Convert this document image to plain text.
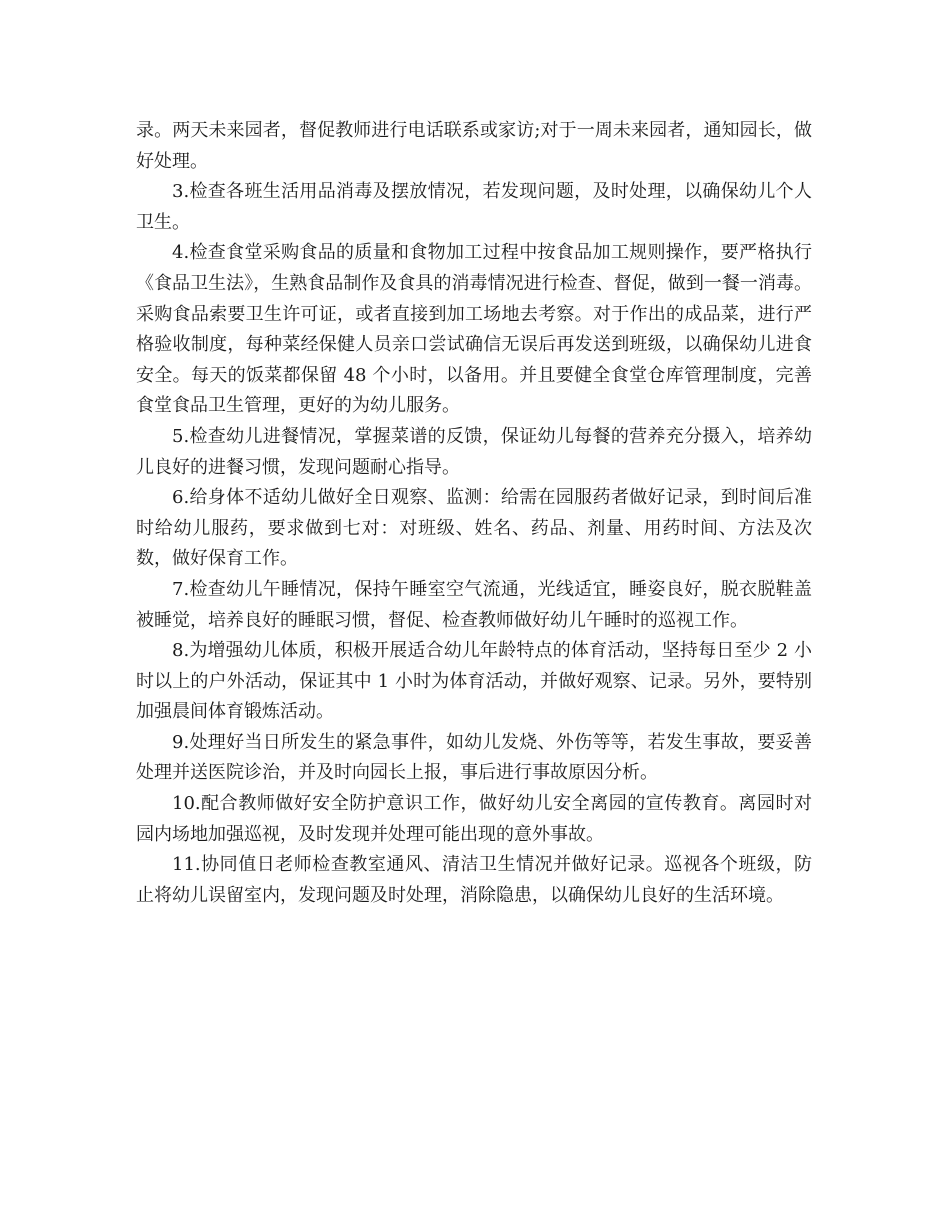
录。两天未来园者，督促教师进行电话联系或家访;对于一周未来园者，通知园长，做好处理。

3.检查各班生活用品消毒及摆放情况，若发现问题，及时处理，以确保幼儿个人卫生。

4.检查食堂采购食品的质量和食物加工过程中按食品加工规则操作，要严格执行《食品卫生法》，生熟食品制作及食具的消毒情况进行检查、督促，做到一餐一消毒。采购食品索要卫生许可证，或者直接到加工场地去考察。对于作出的成品菜，进行严格验收制度，每种菜经保健人员亲口尝试确信无误后再发送到班级，以确保幼儿进食安全。每天的饭菜都保留 48 个小时，以备用。并且要健全食堂仓库管理制度，完善食堂食品卫生管理，更好的为幼儿服务。

5.检查幼儿进餐情况，掌握菜谱的反馈，保证幼儿每餐的营养充分摄入，培养幼儿良好的进餐习惯，发现问题耐心指导。

6.给身体不适幼儿做好全日观察、监测：给需在园服药者做好记录，到时间后准时给幼儿服药，要求做到七对：对班级、姓名、药品、剂量、用药时间、方法及次数，做好保育工作。

7.检查幼儿午睡情况，保持午睡室空气流通，光线适宜，睡姿良好，脱衣脱鞋盖被睡觉，培养良好的睡眠习惯，督促、检查教师做好幼儿午睡时的巡视工作。

8.为增强幼儿体质，积极开展适合幼儿年龄特点的体育活动，坚持每日至少 2 小时以上的户外活动，保证其中 1 小时为体育活动，并做好观察、记录。另外，要特别加强晨间体育锻炼活动。

9.处理好当日所发生的紧急事件，如幼儿发烧、外伤等等，若发生事故，要妥善处理并送医院诊治，并及时向园长上报，事后进行事故原因分析。

10.配合教师做好安全防护意识工作，做好幼儿安全离园的宣传教育。离园时对园内场地加强巡视，及时发现并处理可能出现的意外事故。

11.协同值日老师检查教室通风、清洁卫生情况并做好记录。巡视各个班级，防止将幼儿误留室内，发现问题及时处理，消除隐患，以确保幼儿良好的生活环境。
